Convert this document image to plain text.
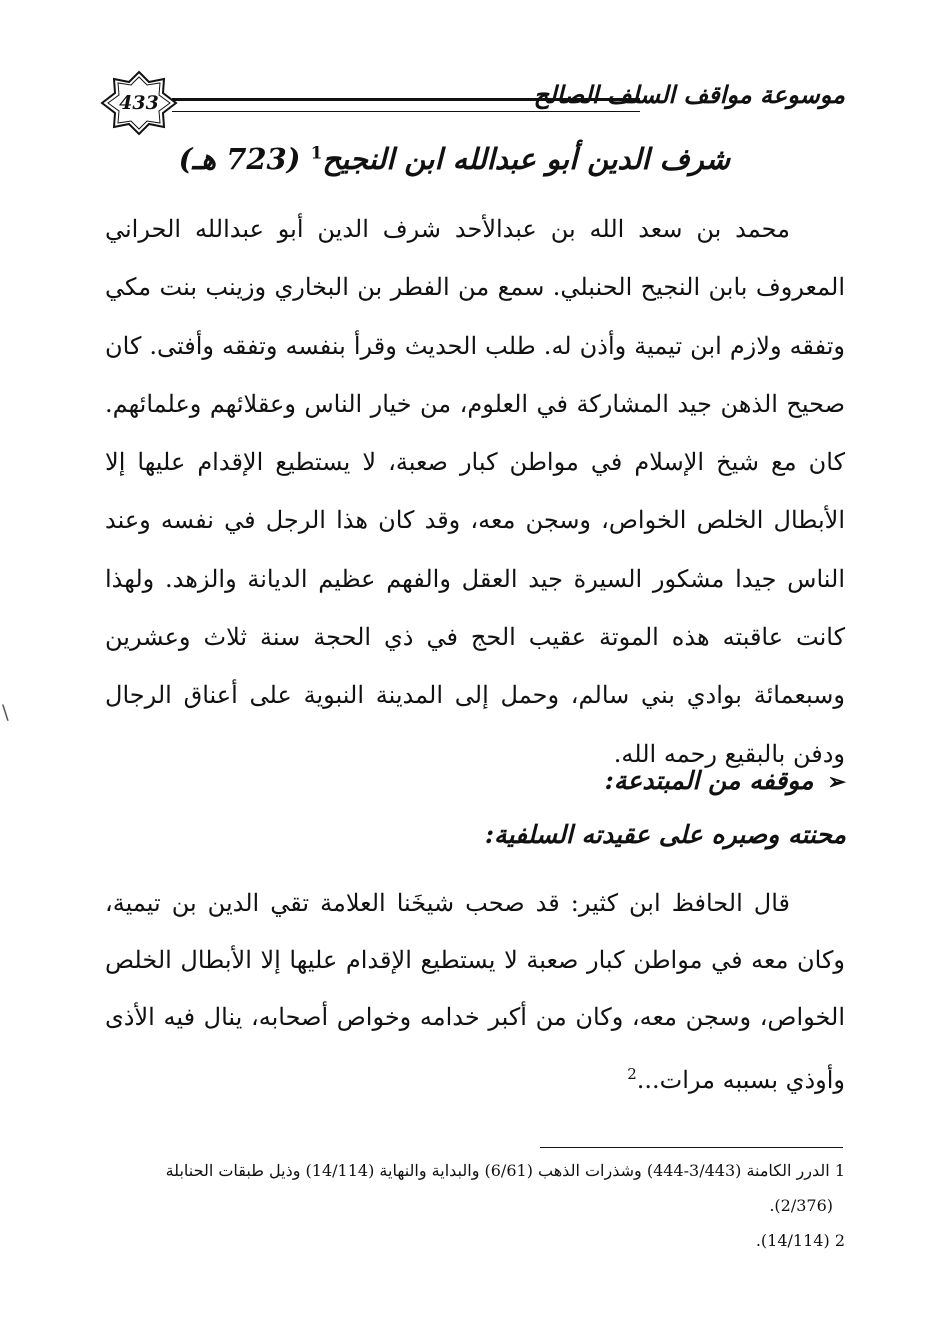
433	موسوعة مواقف السلف الصالح
شرف الدين أبو عبدالله ابن النجيح$^1$ (723 هـ)

محمد بن سعد الله بن عبدالأحد شرف الدين أبو عبدالله الحراني المعروف بابن النجيح الحنبلي. سمع من الفطر بن البخاري وزينب بنت مكي وتفقه ولازم ابن تيمية وأذن له. طلب الحديث وقرأ بنفسه وتفقه وأفتى. كان صحيح الذهن جيد المشاركة في العلوم، من خيار الناس وعقلائهم وعلمائهم. كان مع شيخ الإسلام في مواطن كبار صعبة، لا يستطيع الإقدام عليها إلا الأبطال الخلص الخواص، وسجن معه، وقد كان هذا الرجل في نفسه وعند الناس جيدا مشكور السيرة جيد العقل والفهم عظيم الديانة والزهد. ولهذا كانت عاقبته هذه الموتة عقيب الحج في ذي الحجة سنة ثلاث وعشرين وسبعمائة بوادي بني سالم، وحمل إلى المدينة النبوية على أعناق الرجال ودفن بالبقيع رحمه الله.

➢موقفه من المبتدعة:
محنته وصبره على عقيدته السلفية:
قال الحافظ ابن كثير: قد صحب شيخَنا العلامة تقي الدين بن تيمية، وكان معه في مواطن كبار صعبة لا يستطيع الإقدام عليها إلا الأبطال الخلص الخواص، وسجن معه، وكان من أكبر خدامه وخواص أصحابه، ينال فيه الأذى وأوذي بسببه مرات...$^2$
1 الدرر الكامنة (3/443-444) وشذرات الذهب (6/61) والبداية والنهاية (14/114) وذيل طبقات الحنابلة
(2/376).
2 (14/114).
\
